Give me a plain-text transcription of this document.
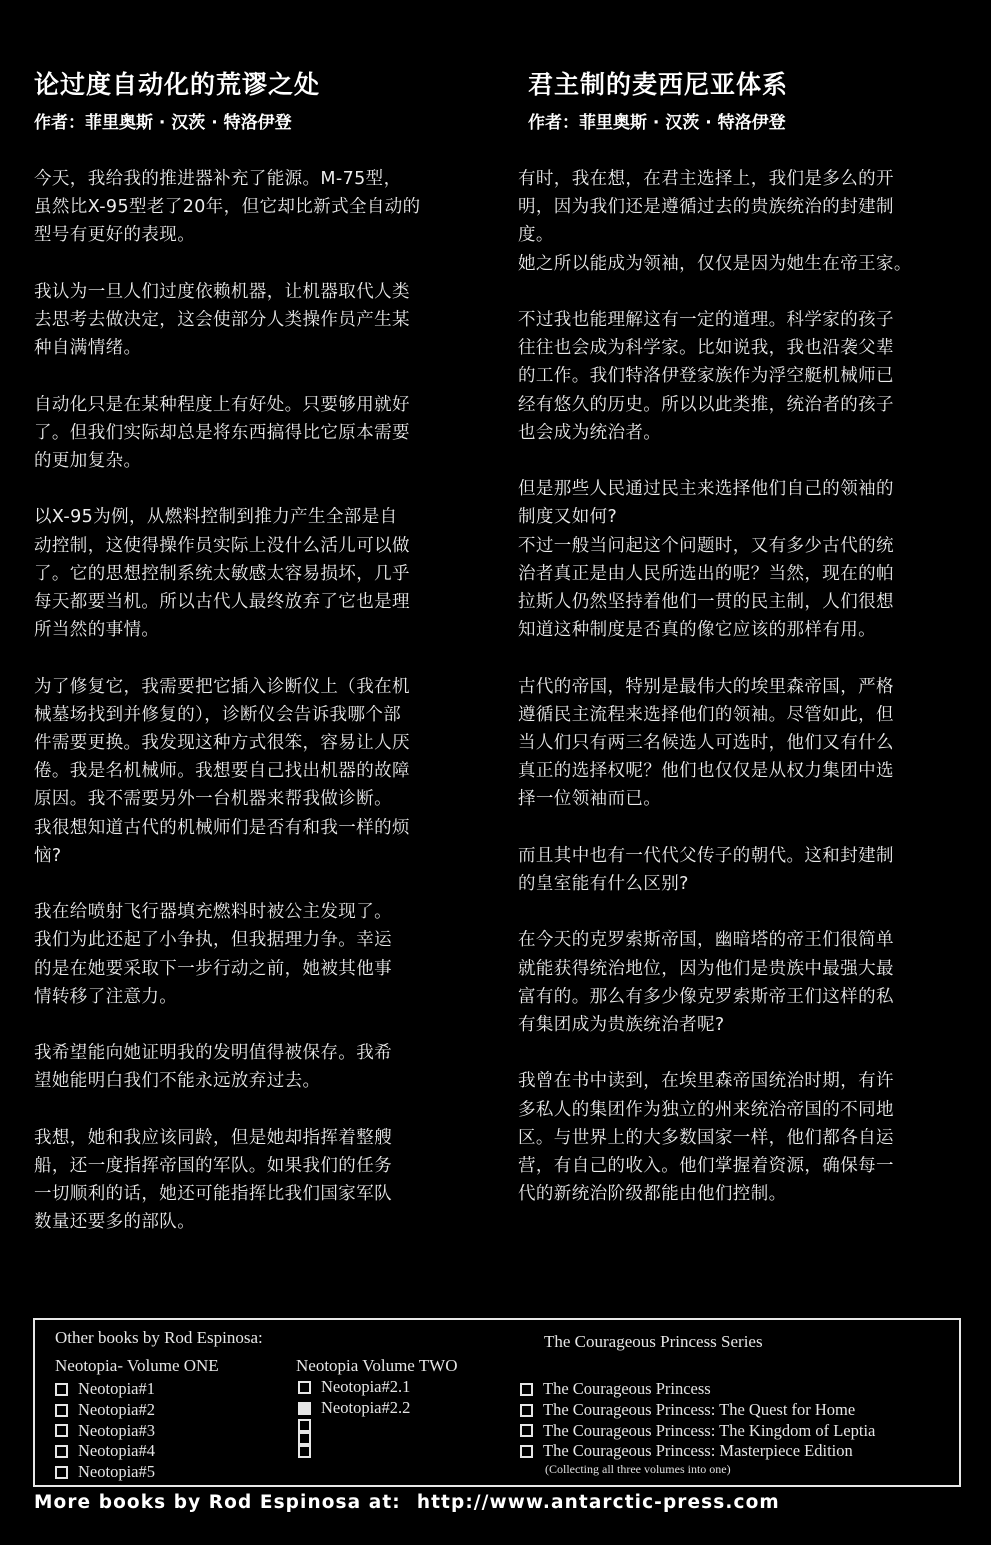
论过度自动化的荒谬之处
作者：菲里奥斯 · 汉茨 · 特洛伊登

今天，我给我的推进器补充了能源。M-75型，
虽然比X-95型老了20年，但它却比新式全自动的
型号有更好的表现。

我认为一旦人们过度依赖机器，让机器取代人类
去思考去做决定，这会使部分人类操作员产生某
种自满情绪。

自动化只是在某种程度上有好处。只要够用就好
了。但我们实际却总是将东西搞得比它原本需要
的更加复杂。

以X-95为例，从燃料控制到推力产生全部是自
动控制，这使得操作员实际上没什么活儿可以做
了。它的思想控制系统太敏感太容易损坏，几乎
每天都要当机。所以古代人最终放弃了它也是理
所当然的事情。

为了修复它，我需要把它插入诊断仪上（我在机
械墓场找到并修复的），诊断仪会告诉我哪个部
件需要更换。我发现这种方式很笨，容易让人厌
倦。我是名机械师。我想要自己找出机器的故障
原因。我不需要另外一台机器来帮我做诊断。
我很想知道古代的机械师们是否有和我一样的烦
恼?

我在给喷射飞行器填充燃料时被公主发现了。
我们为此还起了小争执，但我据理力争。幸运
的是在她要采取下一步行动之前，她被其他事
情转移了注意力。

我希望能向她证明我的发明值得被保存。我希
望她能明白我们不能永远放弃过去。

我想，她和我应该同龄，但是她却指挥着整艘
船，还一度指挥帝国的军队。如果我们的任务
一切顺利的话，她还可能指挥比我们国家军队
数量还要多的部队。

君主制的麦西尼亚体系
作者：菲里奥斯 · 汉茨 · 特洛伊登

有时，我在想，在君主选择上，我们是多么的开
明，因为我们还是遵循过去的贵族统治的封建制
度。
她之所以能成为领袖，仅仅是因为她生在帝王家。

不过我也能理解这有一定的道理。科学家的孩子
往往也会成为科学家。比如说我，我也沿袭父辈
的工作。我们特洛伊登家族作为浮空艇机械师已
经有悠久的历史。所以以此类推，统治者的孩子
也会成为统治者。

但是那些人民通过民主来选择他们自己的领袖的
制度又如何?
不过一般当问起这个问题时，又有多少古代的统
治者真正是由人民所选出的呢？当然，现在的帕
拉斯人仍然坚持着他们一贯的民主制，人们很想
知道这种制度是否真的像它应该的那样有用。

古代的帝国，特别是最伟大的埃里森帝国，严格
遵循民主流程来选择他们的领袖。尽管如此，但
当人们只有两三名候选人可选时，他们又有什么
真正的选择权呢？他们也仅仅是从权力集团中选
择一位领袖而已。

而且其中也有一代代父传子的朝代。这和封建制
的皇室能有什么区别?

在今天的克罗索斯帝国，幽暗塔的帝王们很简单
就能获得统治地位，因为他们是贵族中最强大最
富有的。那么有多少像克罗索斯帝王们这样的私
有集团成为贵族统治者呢?

我曾在书中读到，在埃里森帝国统治时期，有许
多私人的集团作为独立的州来统治帝国的不同地
区。与世界上的大多数国家一样，他们都各自运
营，有自己的收入。他们掌握着资源，确保每一
代的新统治阶级都能由他们控制。

Other books by Rod Espinosa:
Neotopia- Volume ONE
Neotopia#1
Neotopia#2
Neotopia#3
Neotopia#4
Neotopia#5
Neotopia Volume TWO
Neotopia#2.1
Neotopia#2.2
The Courageous Princess Series
The Courageous Princess
The Courageous Princess: The Quest for Home
The Courageous Princess: The Kingdom of Leptia
The Courageous Princess: Masterpiece Edition
(Collecting all three volumes into one)
More books by Rod Espinosa at: http://www.antarctic-press.com
